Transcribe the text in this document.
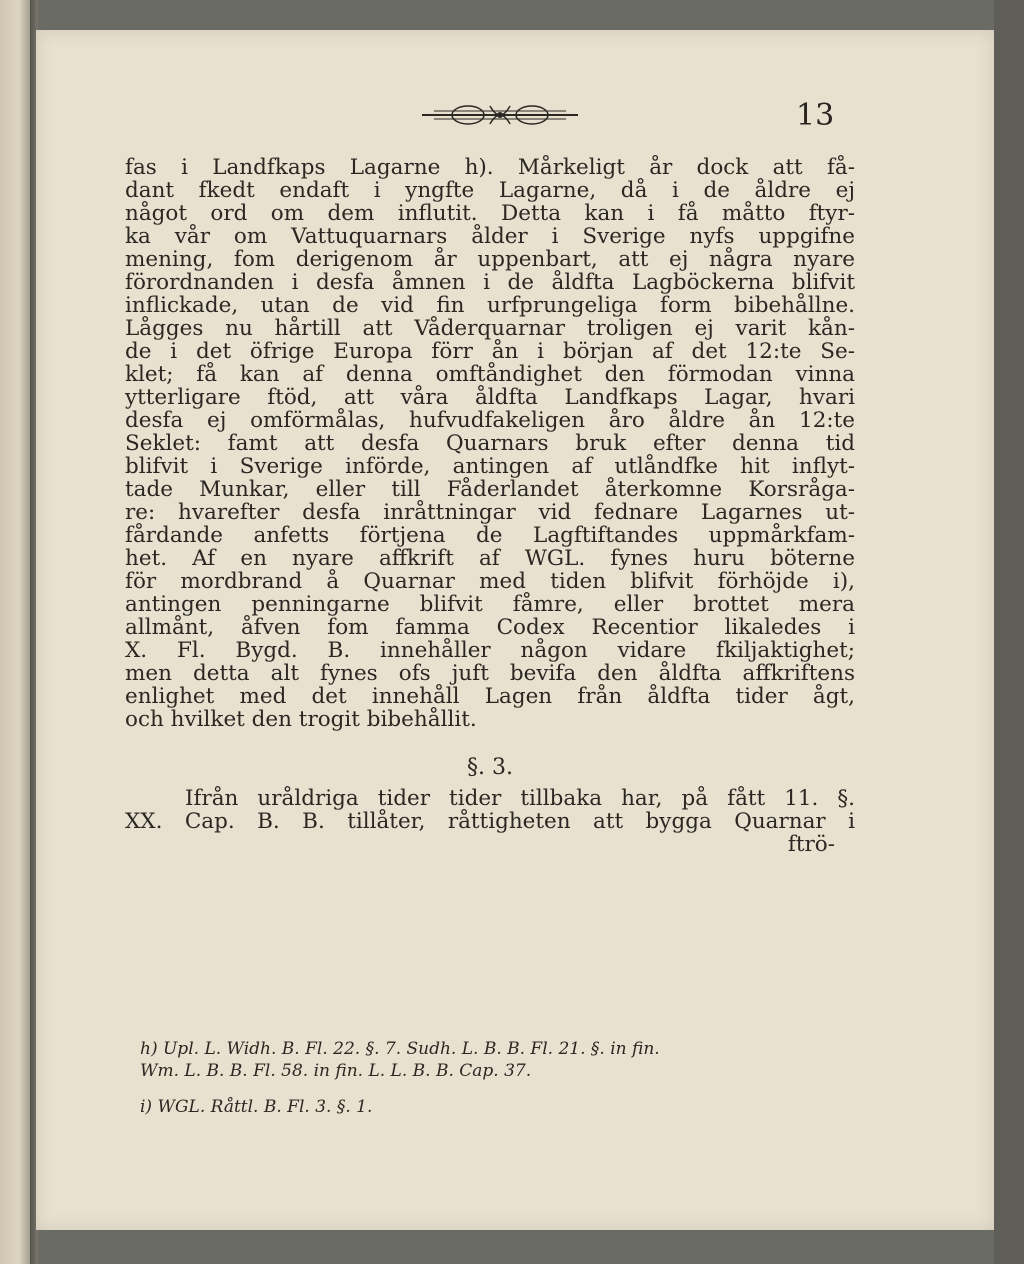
13
fas i Landfkaps Lagarne h). Mårkeligt år dock att få-
dant fkedt endaft i yngfte Lagarne, då i de åldre ej
något ord om dem influtit. Detta kan i få måtto ftyr-
ka vår om Vattuquarnars ålder i Sverige nyfs uppgifne
mening, fom derigenom år uppenbart, att ej några nyare
förordnanden i desfa åmnen i de åldfta Lagböckerna blifvit
inflickade, utan de vid fin urfprungeliga form bibehållne.
Lågges nu hårtill att Våderquarnar troligen ej varit kån-
de i det öfrige Europa förr ån i början af det 12:te Se-
klet; få kan af denna omftåndighet den förmodan vinna
ytterligare ftöd, att våra åldfta Landfkaps Lagar, hvari
desfa ej omförmålas, hufvudfakeligen åro åldre ån 12:te
Seklet: famt att desfa Quarnars bruk efter denna tid
blifvit i Sverige införde, antingen af utlåndfke hit inflyt-
tade Munkar, eller till Fåderlandet återkomne Korsråga-
re: hvarefter desfa inråttningar vid fednare Lagarnes ut-
fårdande anfetts förtjena de Lagftiftandes uppmårkfam-
het. Af en nyare affkrift af WGL. fynes huru böterne
för mordbrand å Quarnar med tiden blifvit förhöjde i),
antingen penningarne blifvit fåmre, eller brottet mera
allmånt, åfven fom famma Codex Recentior likaledes i
X. Fl. Bygd. B. innehåller någon vidare fkiljaktighet;
men detta alt fynes ofs juft bevifa den åldfta affkriftens
enlighet med det innehåll Lagen från åldfta tider ågt,
och hvilket den trogit bibehållit.
§. 3.
Ifrån uråldriga tider tider tillbaka har, på fått 11. §.
XX. Cap. B. B. tillåter, råttigheten att bygga Quarnar i
ftrö-
h) Upl. L. Widh. B. Fl. 22. §. 7. Sudh. L. B. B. Fl. 21. §. in fin.
Wm. L. B. B. Fl. 58. in fin. L. L. B. B. Cap. 37.
i) WGL. Råttl. B. Fl. 3. §. 1.
